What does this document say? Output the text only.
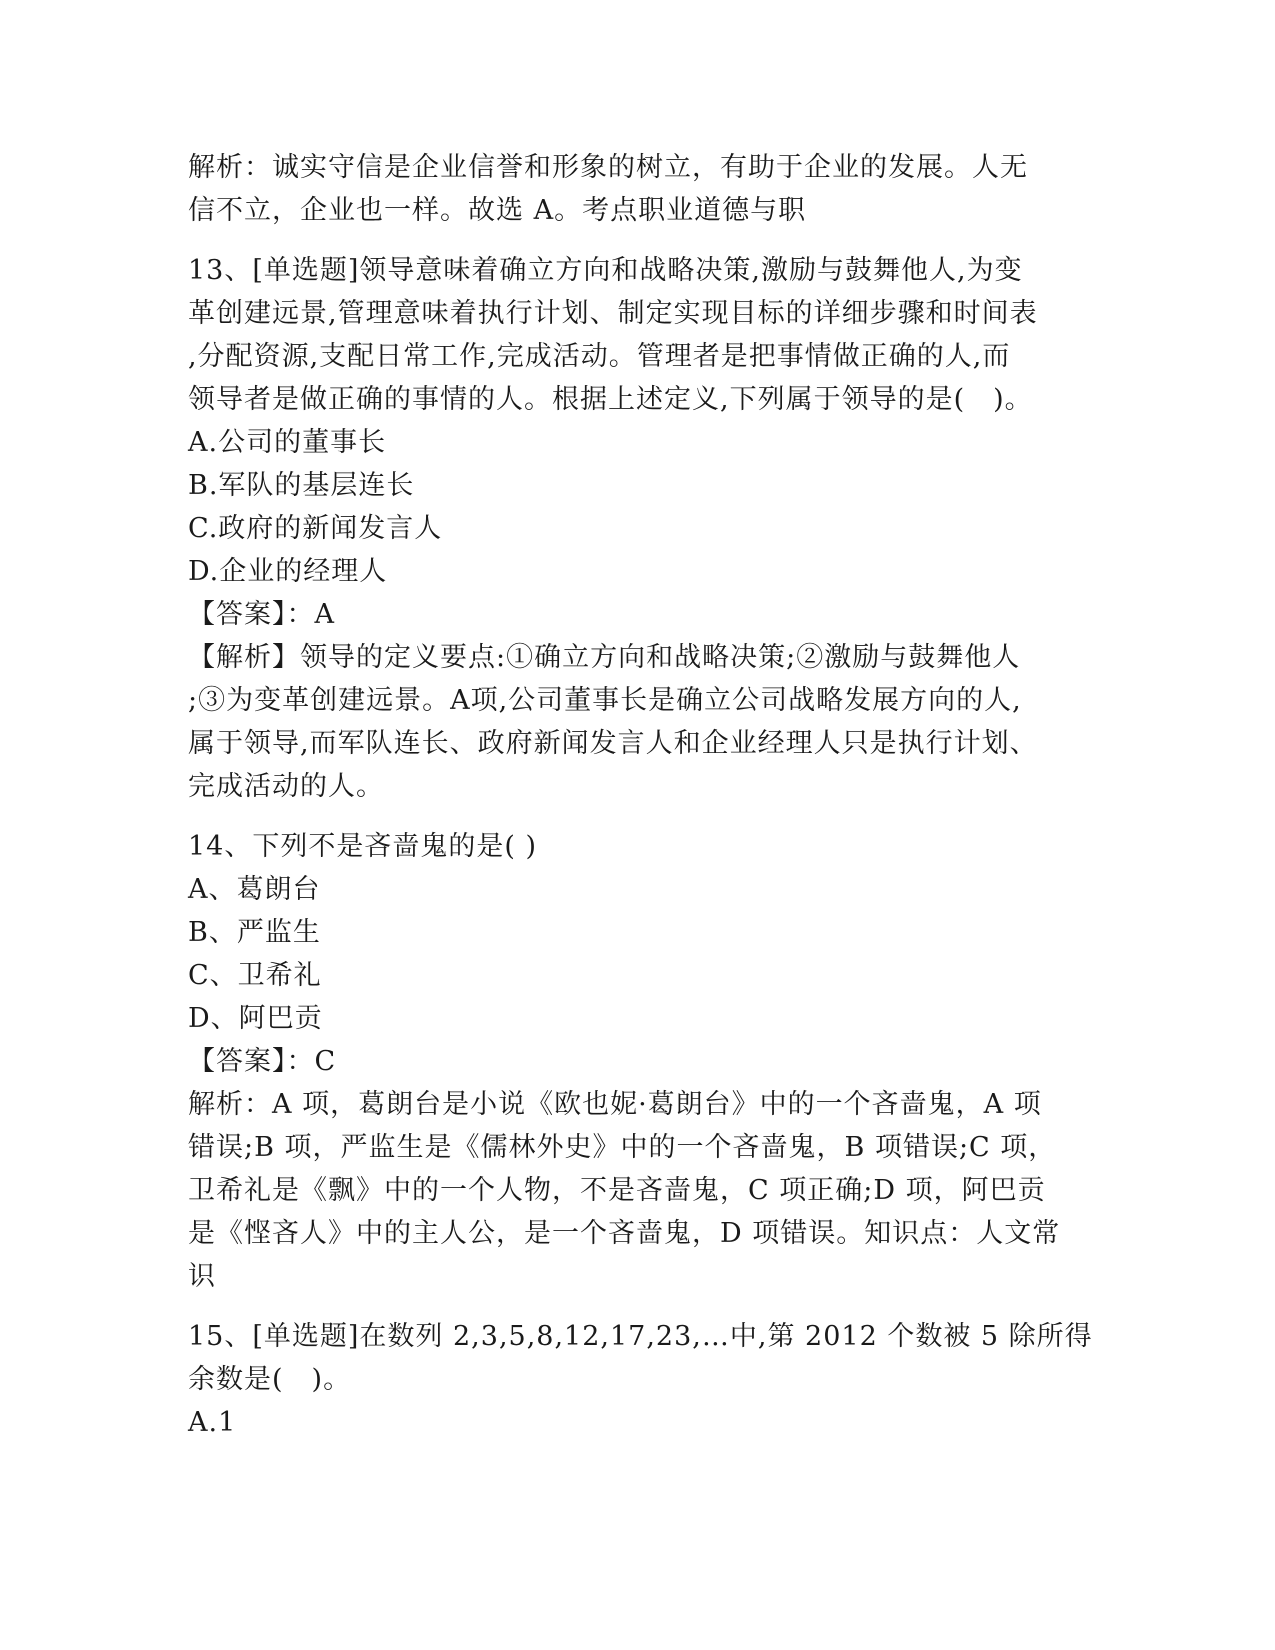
解析：诚实守信是企业信誉和形象的树立，有助于企业的发展。人无
信不立，企业也一样。故选 A。考点职业道德与职
13、[单选题]领导意味着确立方向和战略决策,激励与鼓舞他人,为变
革创建远景,管理意味着执行计划、制定实现目标的详细步骤和时间表
,分配资源,支配日常工作,完成活动。管理者是把事情做正确的人,而
领导者是做正确的事情的人。根据上述定义,下列属于领导的是(　)。
A.公司的董事长
B.军队的基层连长
C.政府的新闻发言人
D.企业的经理人
【答案】：A
【解析】领导的定义要点:①确立方向和战略决策;②激励与鼓舞他人
;③为变革创建远景。A项,公司董事长是确立公司战略发展方向的人,
属于领导,而军队连长、政府新闻发言人和企业经理人只是执行计划、
完成活动的人。
14、下列不是吝啬鬼的是( )
A、葛朗台
B、严监生
C、卫希礼
D、阿巴贡
【答案】：C
解析：A 项，葛朗台是小说《欧也妮·葛朗台》中的一个吝啬鬼，A 项
错误;B 项，严监生是《儒林外史》中的一个吝啬鬼，B 项错误;C 项，
卫希礼是《飘》中的一个人物，不是吝啬鬼，C 项正确;D 项，阿巴贡
是《悭吝人》中的主人公，是一个吝啬鬼，D 项错误。知识点：人文常
识
15、[单选题]在数列 2,3,5,8,12,17,23,…中,第 2012 个数被 5 除所得
余数是(　)。
A.1
